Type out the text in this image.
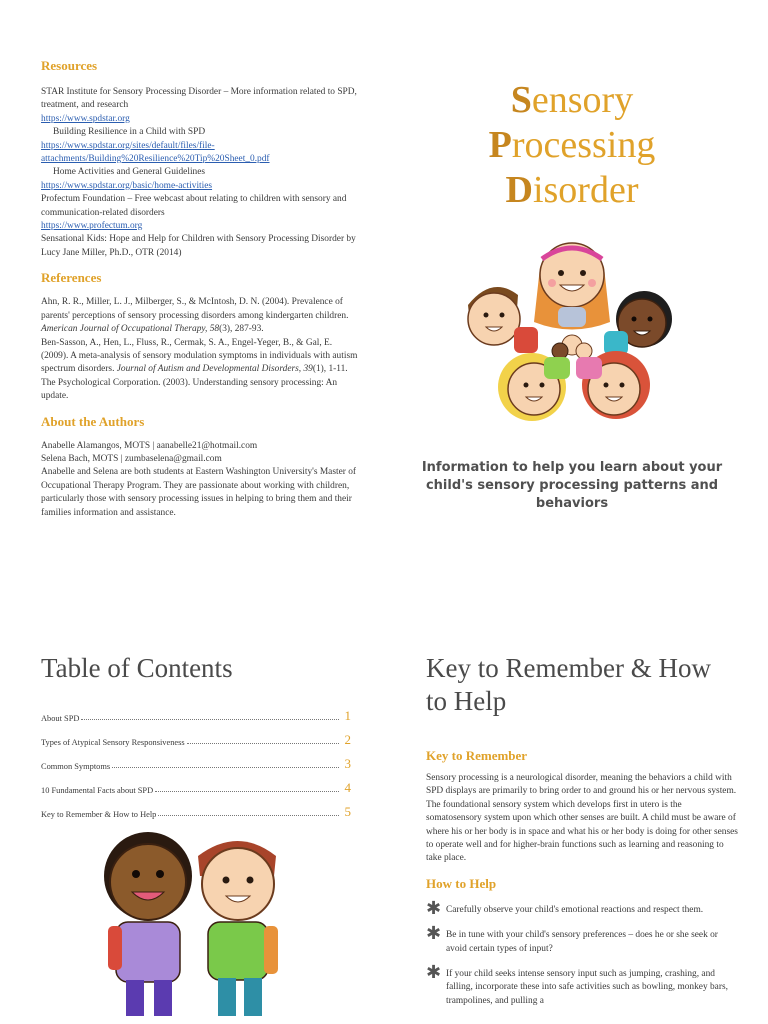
Resources
STAR Institute for Sensory Processing Disorder – More information related to SPD, treatment, and research
https://www.spdstar.org
Building Resilience in a Child with SPD
https://www.spdstar.org/sites/default/files/file-attachments/Building%20Resilience%20Tip%20Sheet_0.pdf
Home Activities and General Guidelines
https://www.spdstar.org/basic/home-activities
Profectum Foundation – Free webcast about relating to children with sensory and communication-related disorders
https://www.profectum.org
Sensational Kids: Hope and Help for Children with Sensory Processing Disorder by Lucy Jane Miller, Ph.D., OTR (2014)
References
Ahn, R. R., Miller, L. J., Milberger, S., & McIntosh, D. N. (2004). Prevalence of parents' perceptions of sensory processing disorders among kindergarten children. American Journal of Occupational Therapy, 58(3), 287-93.
Ben-Sasson, A., Hen, L., Fluss, R., Cermak, S. A., Engel-Yeger, B., & Gal, E. (2009). A meta-analysis of sensory modulation symptoms in individuals with autism spectrum disorders. Journal of Autism and Developmental Disorders, 39(1), 1-11.
The Psychological Corporation. (2003). Understanding sensory processing: An update.
About the Authors
Anabelle Alamangos, MOTS | aanabelle21@hotmail.com
Selena Bach, MOTS | zumbaselena@gmail.com
Anabelle and Selena are both students at Eastern Washington University's Master of Occupational Therapy Program. They are passionate about working with children, particularly those with sensory processing issues in helping to bring them and their families information and assistance.
Sensory
Processing
Disorder
Information to help you learn about your child's sensory processing patterns and behaviors
Table of Contents
About SPD	1
Types of Atypical Sensory Responsiveness	2
Common Symptoms	3
10 Fundamental Facts about SPD	4
Key to Remember & How to Help	5
Key to Remember & How to Help
Key to Remember
Sensory processing is a neurological disorder, meaning the behaviors a child with SPD displays are primarily to bring order to and ground his or her nervous system. The foundational sensory system which develops first in utero is the somatosensory system upon which other senses are built. A child must be aware of where his or her body is in space and what his or her body is doing for other senses to operate well and for higher-brain functions such as learning and reasoning to take place.
How to Help
✱ Carefully observe your child's emotional reactions and respect them.
✱ Be in tune with your child's sensory preferences – does he or she seek or avoid certain types of input?
✱ If your child seeks intense sensory input such as jumping, crashing, and falling, incorporate these into safe activities such as bowling, monkey bars, trampolines, and pulling a
